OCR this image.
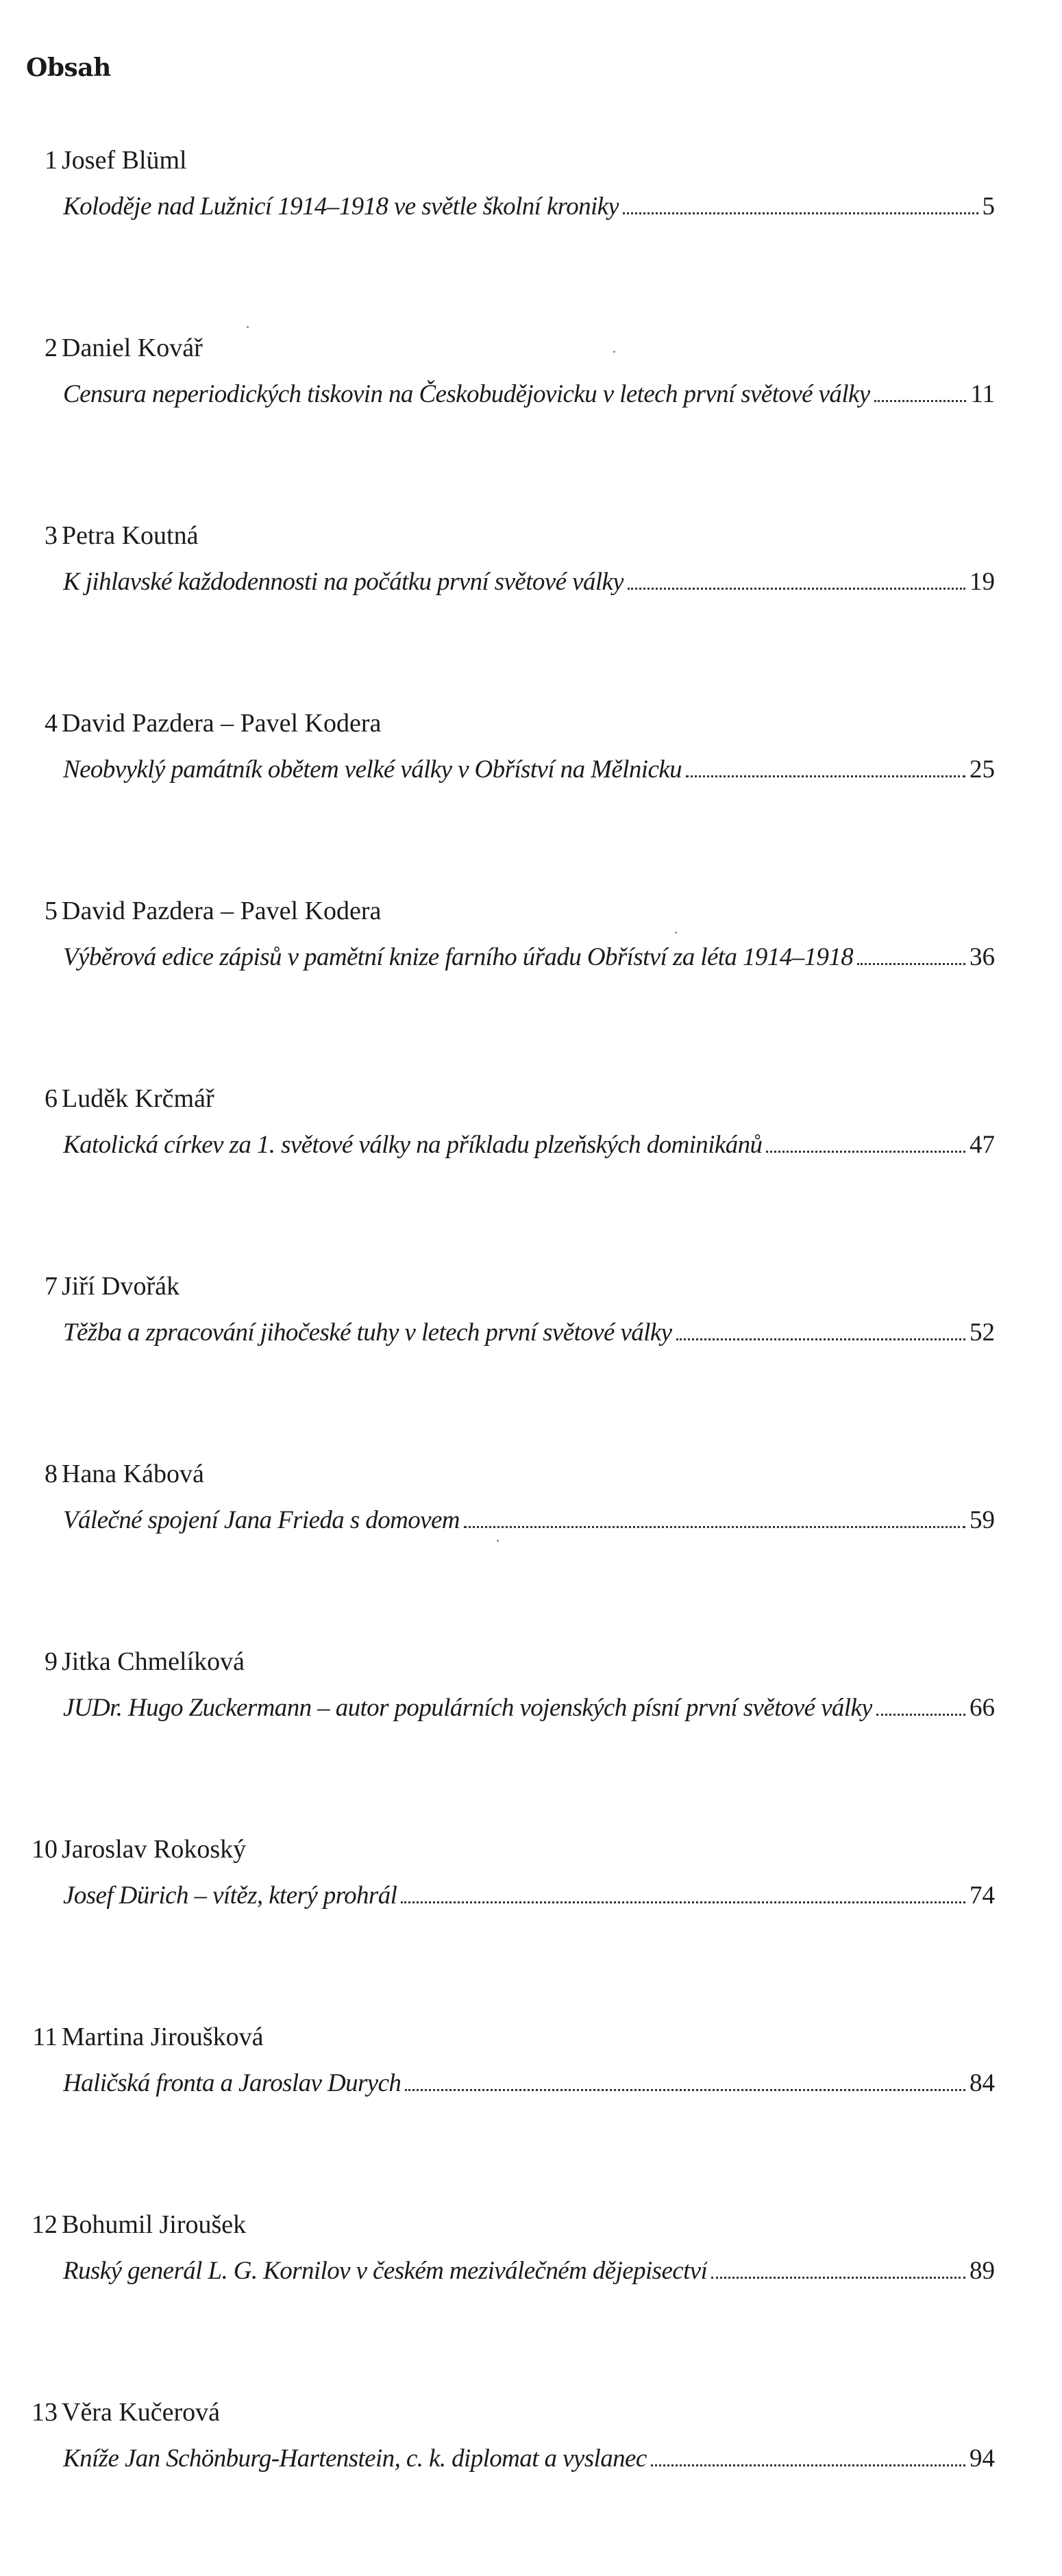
Obsah
1 Josef Blüml
Koloděje nad Lužnicí 1914–1918 ve světle školní kroniky	5
2 Daniel Kovář
Censura neperiodických tiskovin na Českobudějovicku v letech první světové války	11
3 Petra Koutná
K jihlavské každodennosti na počátku první světové války	19
4 David Pazdera – Pavel Kodera
Neobvyklý památník obětem velké války v Obříství na Mělnicku	25
5 David Pazdera – Pavel Kodera
Výběrová edice zápisů v pamětní knize farního úřadu Obříství za léta 1914–1918	36
6 Luděk Krčmář
Katolická církev za 1. světové války na příkladu plzeňských dominikánů	47
7 Jiří Dvořák
Těžba a zpracování jihočeské tuhy v letech první světové války	52
8 Hana Kábová
Válečné spojení Jana Frieda s domovem	59
9 Jitka Chmelíková
JUDr. Hugo Zuckermann – autor populárních vojenských písní první světové války	66
10 Jaroslav Rokoský
Josef Dürich – vítěz, který prohrál	74
11 Martina Jiroušková
Haličská fronta a Jaroslav Durych	84
12 Bohumil Jiroušek
Ruský generál L. G. Kornilov v českém meziválečném dějepisectví	89
13 Věra Kučerová
Kníže Jan Schönburg-Hartenstein, c. k. diplomat a vyslanec	94
